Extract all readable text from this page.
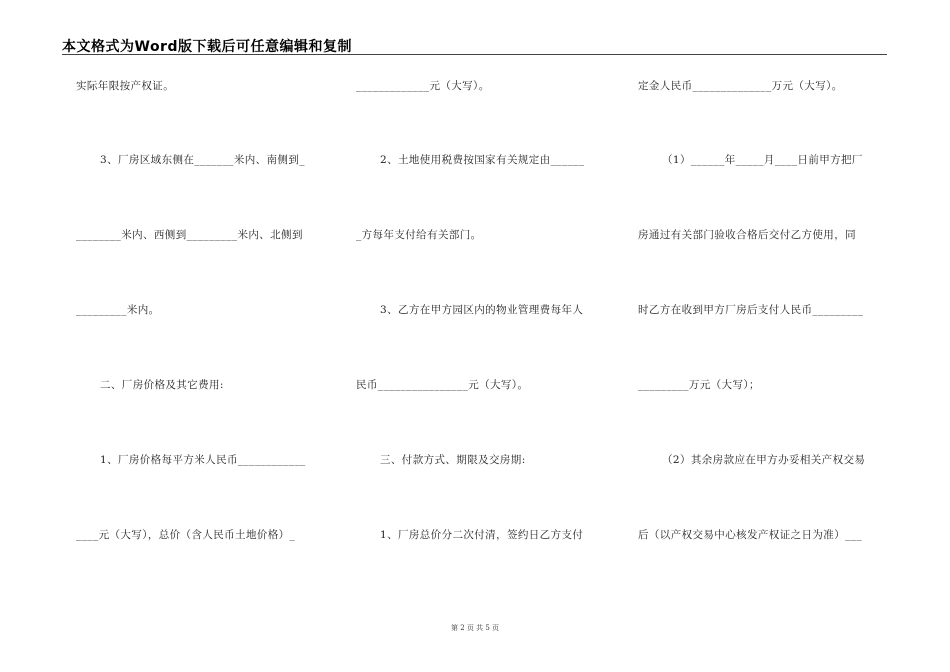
本文格式为Word版下载后可任意编辑和复制
实际年限按产权证。
3、厂房区域东侧在_______米内、南侧到_
________米内、西侧到_________米内、北侧到
_________米内。
二、厂房价格及其它费用:
1、厂房价格每平方米人民币____________
____元（大写），总价（含人民币土地价格）_
_____________元（大写）。
2、土地使用税费按国家有关规定由______
_方每年支付给有关部门。
3、乙方在甲方园区内的物业管理费每年人
民币________________元（大写）。
三、付款方式、期限及交房期:
1、厂房总价分二次付清，签约日乙方支付
定金人民币______________万元（大写）。
（1）______年_____月____日前甲方把厂
房通过有关部门验收合格后交付乙方使用，同
时乙方在收到甲方厂房后支付人民币_________
_________万元（大写）；
（2）其余房款应在甲方办妥相关产权交易
后（以产权交易中心核发产权证之日为准）___
第 2 页 共 5 页
